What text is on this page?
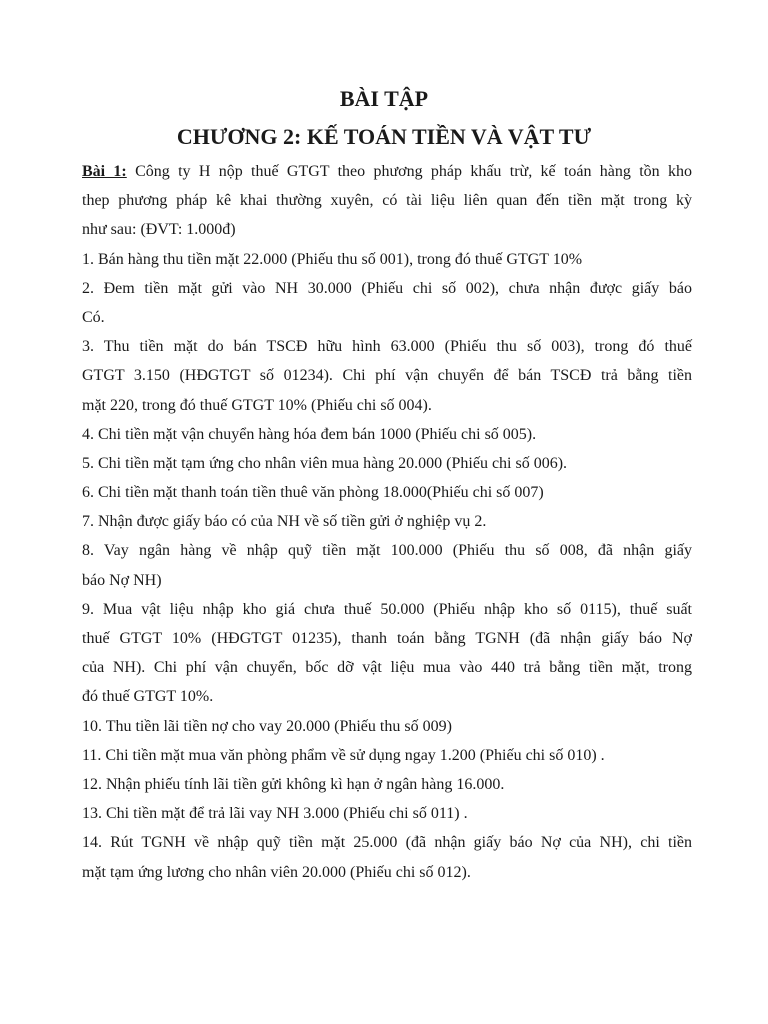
BÀI TẬP
CHƯƠNG 2: KẾ TOÁN TIỀN VÀ VẬT TƯ
Bài 1: Công ty H nộp thuế GTGT theo phương pháp khấu trừ, kế toán hàng tồn kho
thep phương pháp kê khai thường xuyên, có tài liệu liên quan đến tiền mặt trong kỳ
như sau: (ĐVT: 1.000đ)
1. Bán hàng thu tiền mặt 22.000 (Phiếu thu số 001), trong đó thuế GTGT 10%
2. Đem tiền mặt gửi vào NH 30.000 (Phiếu chi số 002), chưa nhận được giấy báo
Có.
3. Thu tiền mặt do bán TSCĐ hữu hình 63.000 (Phiếu thu số 003), trong đó thuế
GTGT 3.150 (HĐGTGT số 01234). Chi phí vận chuyển để bán TSCĐ trả bằng tiền
mặt 220, trong đó thuế GTGT 10% (Phiếu chi số 004).
4. Chi tiền mặt vận chuyển hàng hóa đem bán 1000 (Phiếu chi số 005).
5. Chi tiền mặt tạm ứng cho nhân viên mua hàng 20.000 (Phiếu chi số 006).
6. Chi tiền mặt thanh toán tiền thuê văn phòng 18.000(Phiếu chi số 007)
7. Nhận được giấy báo có của NH về số tiền gửi ở nghiệp vụ 2.
8. Vay ngân hàng về nhập quỹ tiền mặt 100.000 (Phiếu thu số 008, đã nhận giấy
báo Nợ NH)
9. Mua vật liệu nhập kho giá chưa thuế 50.000 (Phiếu nhập kho số 0115), thuế suất
thuế GTGT 10% (HĐGTGT 01235), thanh toán bằng TGNH (đã nhận giấy báo Nợ
của NH). Chi phí vận chuyển, bốc dỡ vật liệu mua vào 440 trả bằng tiền mặt, trong
đó thuế GTGT 10%.
10. Thu tiền lãi tiền nợ cho vay 20.000 (Phiếu thu số 009)
11. Chi tiền mặt mua văn phòng phẩm về sử dụng ngay 1.200 (Phiếu chi số 010) .
12. Nhận phiếu tính lãi tiền gửi không kì hạn ở ngân hàng 16.000.
13. Chi tiền mặt để trả lãi vay NH 3.000 (Phiếu chi số 011) .
14. Rút TGNH về nhập quỹ tiền mặt 25.000 (đã nhận giấy báo Nợ của NH), chi tiền
mặt tạm ứng lương cho nhân viên 20.000 (Phiếu chi số 012).
